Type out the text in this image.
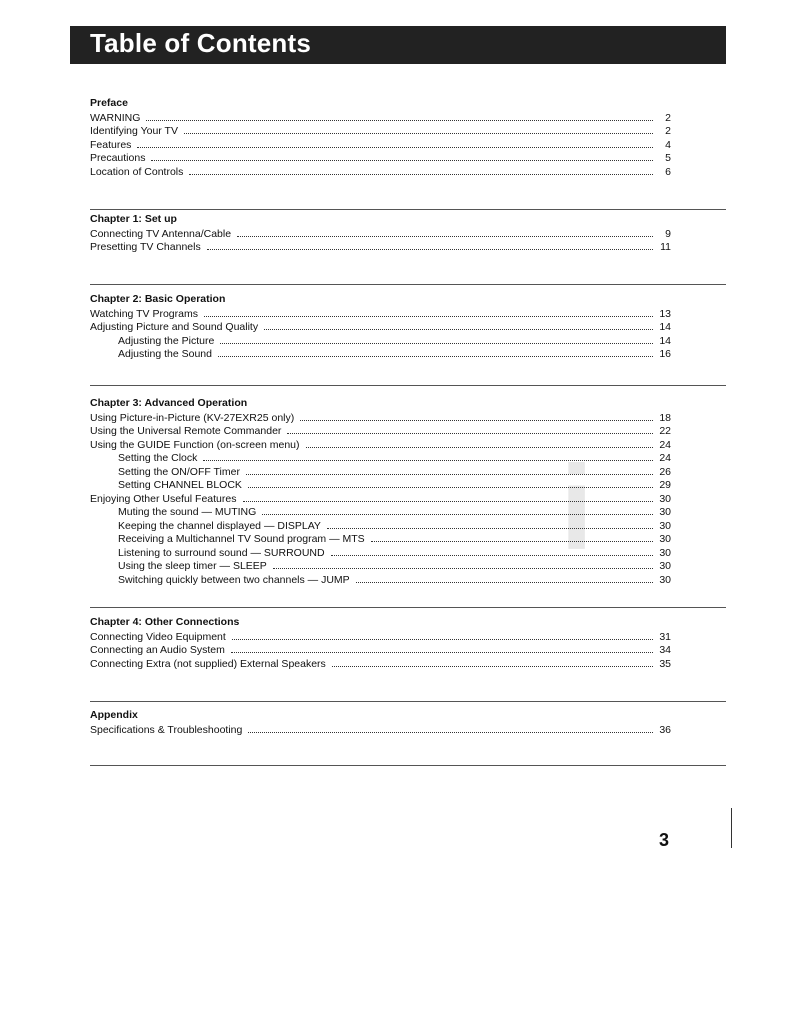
Table of Contents
i
Preface
WARNING	2
Identifying Your TV	2
Features	4
Precautions	5
Location of Controls	6
Chapter 1: Set up
Connecting TV Antenna/Cable	9
Presetting TV Channels	11
Chapter 2: Basic Operation
Watching TV Programs	13
Adjusting Picture and Sound Quality	14
Adjusting the Picture	14
Adjusting the Sound	16
Chapter 3: Advanced Operation
Using Picture-in-Picture (KV-27EXR25 only)	18
Using the Universal Remote Commander	22
Using the GUIDE Function (on-screen menu)	24
Setting the Clock	24
Setting the ON/OFF Timer	26
Setting CHANNEL BLOCK	29
Enjoying Other Useful Features	30
Muting the sound — MUTING	30
Keeping the channel displayed — DISPLAY	30
Receiving a Multichannel TV Sound program — MTS	30
Listening to surround sound — SURROUND	30
Using the sleep timer — SLEEP	30
Switching quickly between two channels — JUMP	30
Chapter 4: Other Connections
Connecting Video Equipment	31
Connecting an Audio System	34
Connecting Extra (not supplied) External Speakers	35
Appendix
Specifications & Troubleshooting	36
3
